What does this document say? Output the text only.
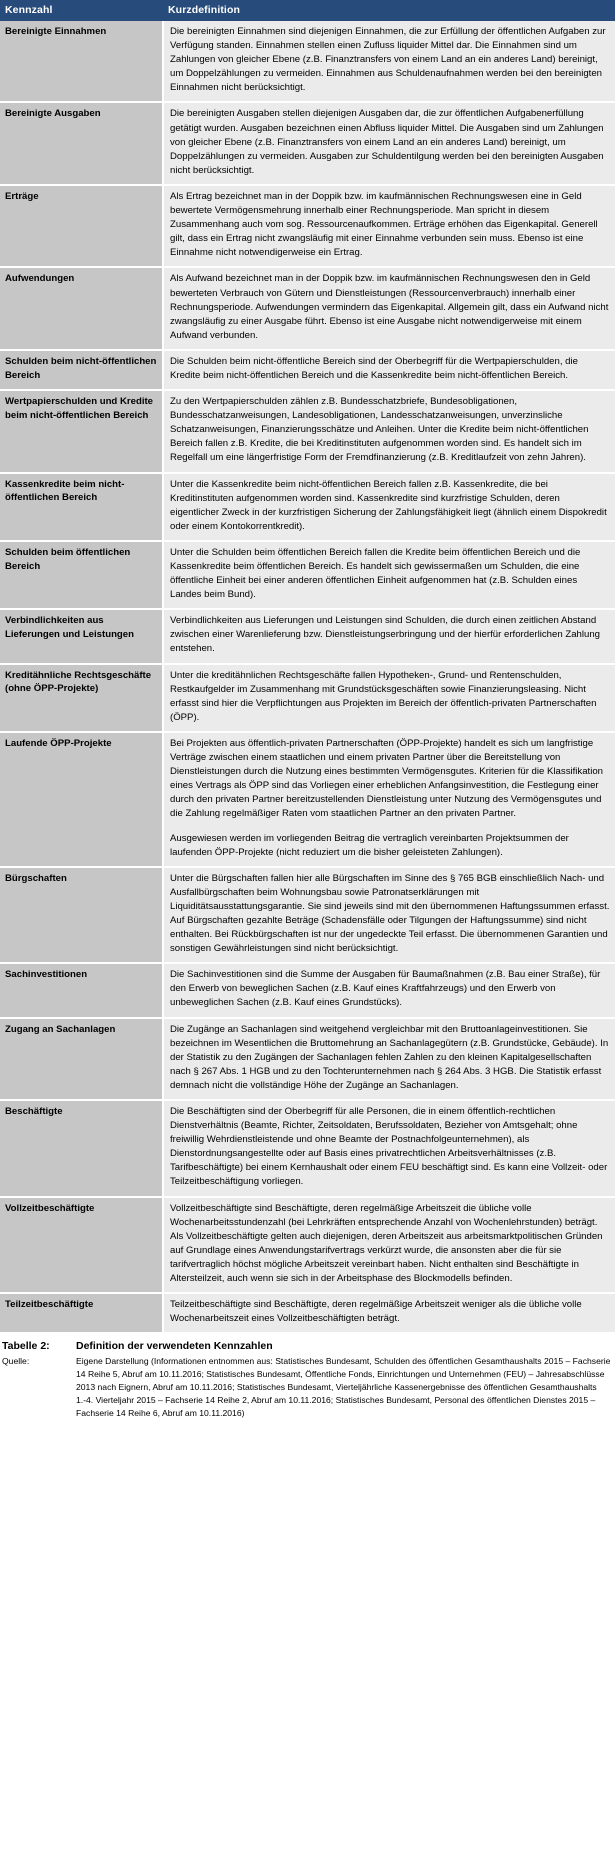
Kennzahl	Kurzdefinition
Bereinigte Einnahmen	Die bereinigten Einnahmen sind diejenigen Einnahmen, die zur Erfüllung der öffentlichen Aufgaben zur Verfügung standen. Einnahmen stellen einen Zufluss liquider Mittel dar. Die Einnahmen sind um Zahlungen von gleicher Ebene (z.B. Finanztransfers von einem Land an ein anderes Land) bereinigt, um Doppelzählungen zu vermeiden. Einnahmen aus Schuldenaufnahmen werden bei den bereinigten Einnahmen nicht berücksichtigt.

Bereinigte Ausgaben	Die bereinigten Ausgaben stellen diejenigen Ausgaben dar, die zur öffentlichen Aufgabenerfüllung getätigt wurden. Ausgaben bezeichnen einen Abfluss liquider Mittel. Die Ausgaben sind um Zahlungen von gleicher Ebene (z.B. Finanztransfers von einem Land an ein anderes Land) bereinigt, um Doppelzählungen zu vermeiden. Ausgaben zur Schuldentilgung werden bei den bereinigten Ausgaben nicht berücksichtigt.

Erträge	Als Ertrag bezeichnet man in der Doppik bzw. im kaufmännischen Rechnungswesen eine in Geld bewertete Vermögensmehrung innerhalb einer Rechnungsperiode. Man spricht in diesem Zusammenhang auch vom sog. Ressourcenaufkommen. Erträge erhöhen das Eigenkapital. Generell gilt, dass ein Ertrag nicht zwangsläufig mit einer Einnahme verbunden sein muss. Ebenso ist eine Einnahme nicht notwendigerweise ein Ertrag.

Aufwendungen	Als Aufwand bezeichnet man in der Doppik bzw. im kaufmännischen Rechnungswesen den in Geld bewerteten Verbrauch von Gütern und Dienstleistungen (Ressourcenverbrauch) innerhalb einer Rechnungsperiode. Aufwendungen vermindern das Eigenkapital. Allgemein gilt, dass ein Aufwand nicht zwangsläufig zu einer Ausgabe führt. Ebenso ist eine Ausgabe nicht notwendigerweise mit einem Aufwand verbunden.

Schulden beim nicht-öffentlichen Bereich	Die Schulden beim nicht-öffentliche Bereich sind der Oberbegriff für die Wertpapierschulden, die Kredite beim nicht-öffentlichen Bereich und die Kassenkredite beim nicht-öffentlichen Bereich.

Wertpapierschulden und Kredite beim nicht-öffentlichen Bereich	Zu den Wertpapierschulden zählen z.B. Bundesschatzbriefe, Bundesobligationen, Bundesschatzanweisungen, Landesobligationen, Landesschatzanweisungen, unverzinsliche Schatzanweisungen, Finanzierungsschätze und Anleihen. Unter die Kredite beim nicht-öffentlichen Bereich fallen z.B. Kredite, die bei Kreditinstituten aufgenommen worden sind. Es handelt sich im Regelfall um eine längerfristige Form der Fremdfinanzierung (z.B. Kreditlaufzeit von zehn Jahren).

Kassenkredite beim nicht-öffentlichen Bereich	Unter die Kassenkredite beim nicht-öffentlichen Bereich fallen z.B. Kassenkredite, die bei Kreditinstituten aufgenommen worden sind. Kassenkredite sind kurzfristige Schulden, deren eigentlicher Zweck in der kurzfristigen Sicherung der Zahlungsfähigkeit liegt (ähnlich einem Dispokredit oder einem Kontokorrentkredit).

Schulden beim öffentlichen Bereich	Unter die Schulden beim öffentlichen Bereich fallen die Kredite beim öffentlichen Bereich und die Kassenkredite beim öffentlichen Bereich. Es handelt sich gewissermaßen um Schulden, die eine öffentliche Einheit bei einer anderen öffentlichen Einheit aufgenommen hat (z.B. Schulden eines Landes beim Bund).

Verbindlichkeiten aus Lieferungen und Leistungen	Verbindlichkeiten aus Lieferungen und Leistungen sind Schulden, die durch einen zeitlichen Abstand zwischen einer Warenlieferung bzw. Dienstleistungserbringung und der hierfür erforderlichen Zahlung entstehen.

Kreditähnliche Rechtsgeschäfte (ohne ÖPP-Projekte)	Unter die kreditähnlichen Rechtsgeschäfte fallen Hypotheken-, Grund- und Rentenschulden, Restkaufgelder im Zusammenhang mit Grundstücksgeschäften sowie Finanzierungsleasing. Nicht erfasst sind hier die Verpflichtungen aus Projekten im Bereich der öffentlich-privaten Partnerschaften (ÖPP).

Laufende ÖPP-Projekte	Bei Projekten aus öffentlich-privaten Partnerschaften (ÖPP-Projekte) handelt es sich um langfristige Verträge zwischen einem staatlichen und einem privaten Partner über die Bereitstellung von Dienstleistungen durch die Nutzung eines bestimmten Vermögensgutes. Kriterien für die Klassifikation eines Vertrags als ÖPP sind das Vorliegen einer erheblichen Anfangsinvestition, die Festlegung einer durch den privaten Partner bereitzustellenden Dienstleistung unter Nutzung des Vermögensgutes und die Zahlung regelmäßiger Raten vom staatlichen Partner an den privaten Partner.

Ausgewiesen werden im vorliegenden Beitrag die vertraglich vereinbarten Projektsummen der laufenden ÖPP-Projekte (nicht reduziert um die bisher geleisteten Zahlungen).

Bürgschaften	Unter die Bürgschaften fallen hier alle Bürgschaften im Sinne des § 765 BGB einschließlich Nach- und Ausfallbürgschaften beim Wohnungsbau sowie Patronatserklärungen mit Liquiditätsausstattungsgarantie. Sie sind jeweils sind mit den übernommenen Haftungssummen erfasst. Auf Bürgschaften gezahlte Beträge (Schadensfälle oder Tilgungen der Haftungssumme) sind nicht enthalten. Bei Rückbürgschaften ist nur der ungedeckte Teil erfasst. Die übernommenen Garantien und sonstigen Gewährleistungen sind nicht berücksichtigt.

Sachinvestitionen	Die Sachinvestitionen sind die Summe der Ausgaben für Baumaßnahmen (z.B. Bau einer Straße), für den Erwerb von beweglichen Sachen (z.B. Kauf eines Kraftfahrzeugs) und den Erwerb von unbeweglichen Sachen (z.B. Kauf eines Grundstücks).

Zugang an Sachanlagen	Die Zugänge an Sachanlagen sind weitgehend vergleichbar mit den Bruttoanlageinvestitionen. Sie bezeichnen im Wesentlichen die Bruttomehrung an Sachanlagegütern (z.B. Grundstücke, Gebäude). In der Statistik zu den Zugängen der Sachanlagen fehlen Zahlen zu den kleinen Kapitalgesellschaften nach § 267 Abs. 1 HGB und zu den Tochterunternehmen nach § 264 Abs. 3 HGB. Die Statistik erfasst demnach nicht die vollständige Höhe der Zugänge an Sachanlagen.

Beschäftigte	Die Beschäftigten sind der Oberbegriff für alle Personen, die in einem öffentlich-rechtlichen Dienstverhältnis (Beamte, Richter, Zeitsoldaten, Berufssoldaten, Bezieher von Amtsgehalt; ohne freiwillig Wehrdienstleistende und ohne Beamte der Postnachfolgeunternehmen), als Dienstordnungsangestellte oder auf Basis eines privatrechtlichen Arbeitsverhältnisses (z.B. Tarifbeschäftigte) bei einem Kernhaushalt oder einem FEU beschäftigt sind. Es kann eine Vollzeit- oder Teilzeitbeschäftigung vorliegen.

Vollzeitbeschäftigte	Vollzeitbeschäftigte sind Beschäftigte, deren regelmäßige Arbeitszeit die übliche volle Wochenarbeitsstundenzahl (bei Lehrkräften entsprechende Anzahl von Wochenlehrstunden) beträgt. Als Vollzeitbeschäftigte gelten auch diejenigen, deren Arbeitszeit aus arbeitsmarktpolitischen Gründen auf Grundlage eines Anwendungstarifvertrags verkürzt wurde, die ansonsten aber die für sie tarifvertraglich höchst mögliche Arbeitszeit vereinbart haben. Nicht enthalten sind Beschäftigte in Altersteilzeit, auch wenn sie sich in der Arbeitsphase des Blockmodells befinden.

Teilzeitbeschäftigte	Teilzeitbeschäftigte sind Beschäftigte, deren regelmäßige Arbeitszeit weniger als die übliche volle Wochenarbeitszeit eines Vollzeitbeschäftigten beträgt.

Tabelle 2:	Definition der verwendeten Kennzahlen
Quelle:	Eigene Darstellung (Informationen entnommen aus: Statistisches Bundesamt, Schulden des öffentlichen Gesamthaushalts 2015 – Fachserie 14 Reihe 5, Abruf am 10.11.2016; Statistisches Bundesamt, Öffentliche Fonds, Einrichtungen und Unternehmen (FEU) – Jahresabschlüsse 2013 nach Eignern, Abruf am 10.11.2016; Statistisches Bundesamt, Vierteljährliche Kassenergebnisse des öffentlichen Gesamthaushalts 1.-4. Vierteljahr 2015 – Fachserie 14 Reihe 2, Abruf am 10.11.2016; Statistisches Bundesamt, Personal des öffentlichen Dienstes 2015 – Fachserie 14 Reihe 6, Abruf am 10.11.2016)
